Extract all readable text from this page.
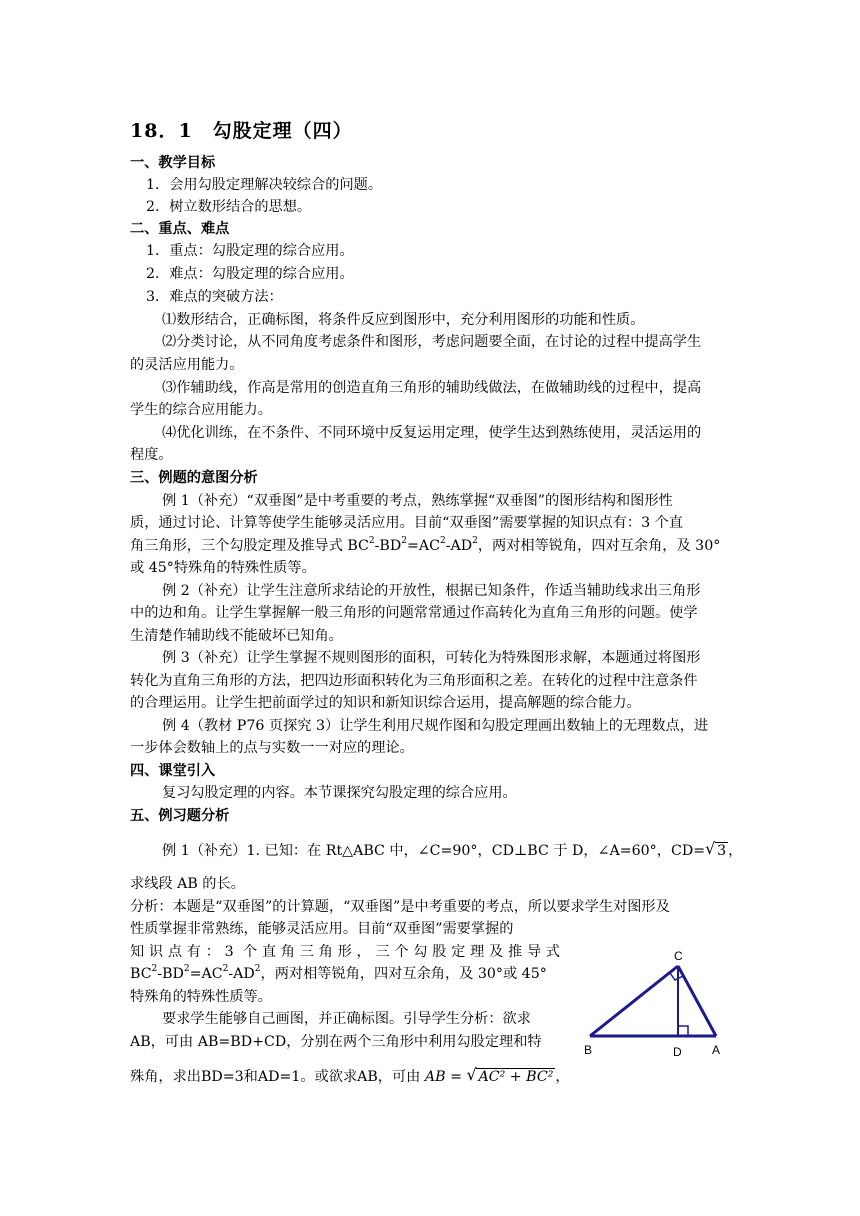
18．1　勾股定理（四）
一、教学目标
1．会用勾股定理解决较综合的问题。
2．树立数形结合的思想。
二、重点、难点
1．重点：勾股定理的综合应用。
2．难点：勾股定理的综合应用。
3．难点的突破方法：
⑴数形结合，正确标图，将条件反应到图形中，充分利用图形的功能和性质。
⑵分类讨论，从不同角度考虑条件和图形，考虑问题要全面，在讨论的过程中提高学生
的灵活应用能力。
⑶作辅助线，作高是常用的创造直角三角形的辅助线做法，在做辅助线的过程中，提高
学生的综合应用能力。
⑷优化训练，在不条件、不同环境中反复运用定理，使学生达到熟练使用，灵活运用的
程度。
三、例题的意图分析
例 1（补充）“双垂图”是中考重要的考点，熟练掌握“双垂图”的图形结构和图形性
质，通过讨论、计算等使学生能够灵活应用。目前“双垂图”需要掌握的知识点有：3 个直
角三角形，三个勾股定理及推导式 $BC^2-BD^2=AC^2-AD^2$，两对相等锐角，四对互余角，及 30°
或 45°特殊角的特殊性质等。
例 2（补充）让学生注意所求结论的开放性，根据已知条件，作适当辅助线求出三角形
中的边和角。让学生掌握解一般三角形的问题常常通过作高转化为直角三角形的问题。使学
生清楚作辅助线不能破坏已知角。
例 3（补充）让学生掌握不规则图形的面积，可转化为特殊图形求解，本题通过将图形
转化为直角三角形的方法，把四边形面积转化为三角形面积之差。在转化的过程中注意条件
的合理运用。让学生把前面学过的知识和新知识综合运用，提高解题的综合能力。
例 4（教材 P76 页探究 3）让学生利用尺规作图和勾股定理画出数轴上的无理数点，进
一步体会数轴上的点与实数一一对应的理论。
四、课堂引入
复习勾股定理的内容。本节课探究勾股定理的综合应用。
五、例习题分析
例 1（补充）1. 已知：在 Rt△ABC 中，∠C=90°，CD⊥BC 于 D，∠A=60°，CD= √ 3 ，
求线段 AB 的长。
分析：本题是“双垂图”的计算题，“双垂图”是中考重要的考点，所以要求学生对图形及
性质掌握非常熟练，能够灵活应用。目前“双垂图”需要掌握的
知识点有：3 个直角三角形，三个勾股定理及推导式
$BC^2-BD^2=AC^2-AD^2$，两对相等锐角，四对互余角，及 30°或 45°
特殊角的特殊性质等。
要求学生能够自己画图，并正确标图。引导学生分析：欲求
AB，可由 AB=BD+CD，分别在两个三角形中利用勾股定理和特
殊角，求出BD=3和AD=1。或欲求AB，可由 AB = √ AC² + BC² ，
C
B	D	A
